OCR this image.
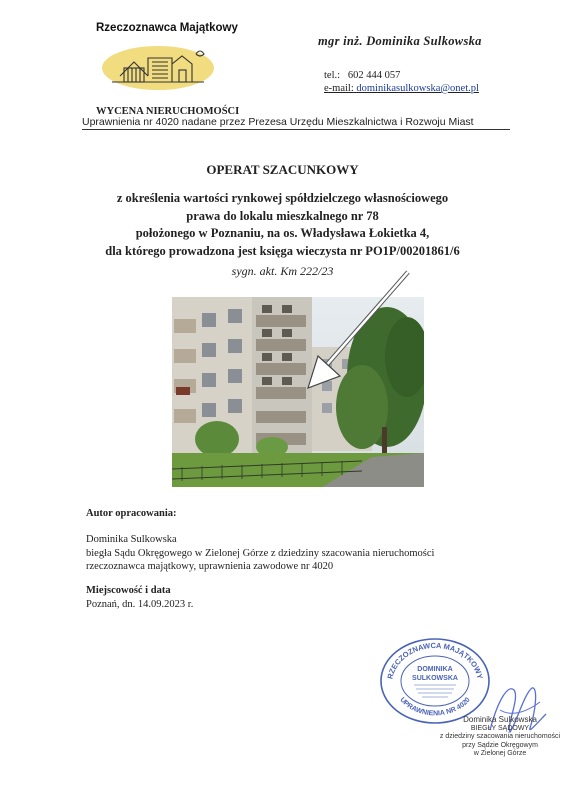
Rzeczoznawca Majątkowy
mgr inż. Dominika Sulkowska
tel.: 602 444 057
e-mail: dominikasulkowska@onet.pl
WYCENA NIERUCHOMOŚCI
Uprawnienia nr 4020 nadane przez Prezesa Urzędu Mieszkalnictwa i Rozwoju Miast
OPERAT SZACUNKOWY
z określenia wartości rynkowej spółdzielczego własnościowego
prawa do lokalu mieszkalnego nr 78
położonego w Poznaniu, na os. Władysława Łokietka 4,
dla którego prowadzona jest księga wieczysta nr PO1P/00201861/6
sygn. akt. Km 222/23
Autor opracowania:
Dominika Sulkowska
biegła Sądu Okręgowego w Zielonej Górze z dziedziny szacowania nieruchomości
rzeczoznawca majątkowy, uprawnienia zawodowe nr 4020
Miejscowość i data
Poznań, dn. 14.09.2023 r.
RZECZOZNAWCA MAJĄTKOWY
UPRAWNIENIA NR 4020
DOMINIKA
SULKOWSKA
Dominika Sulkowska
BIEGŁY SĄDOWY
z dziedziny szacowania nieruchomości
przy Sądzie Okręgowym
w Zielonej Górze
